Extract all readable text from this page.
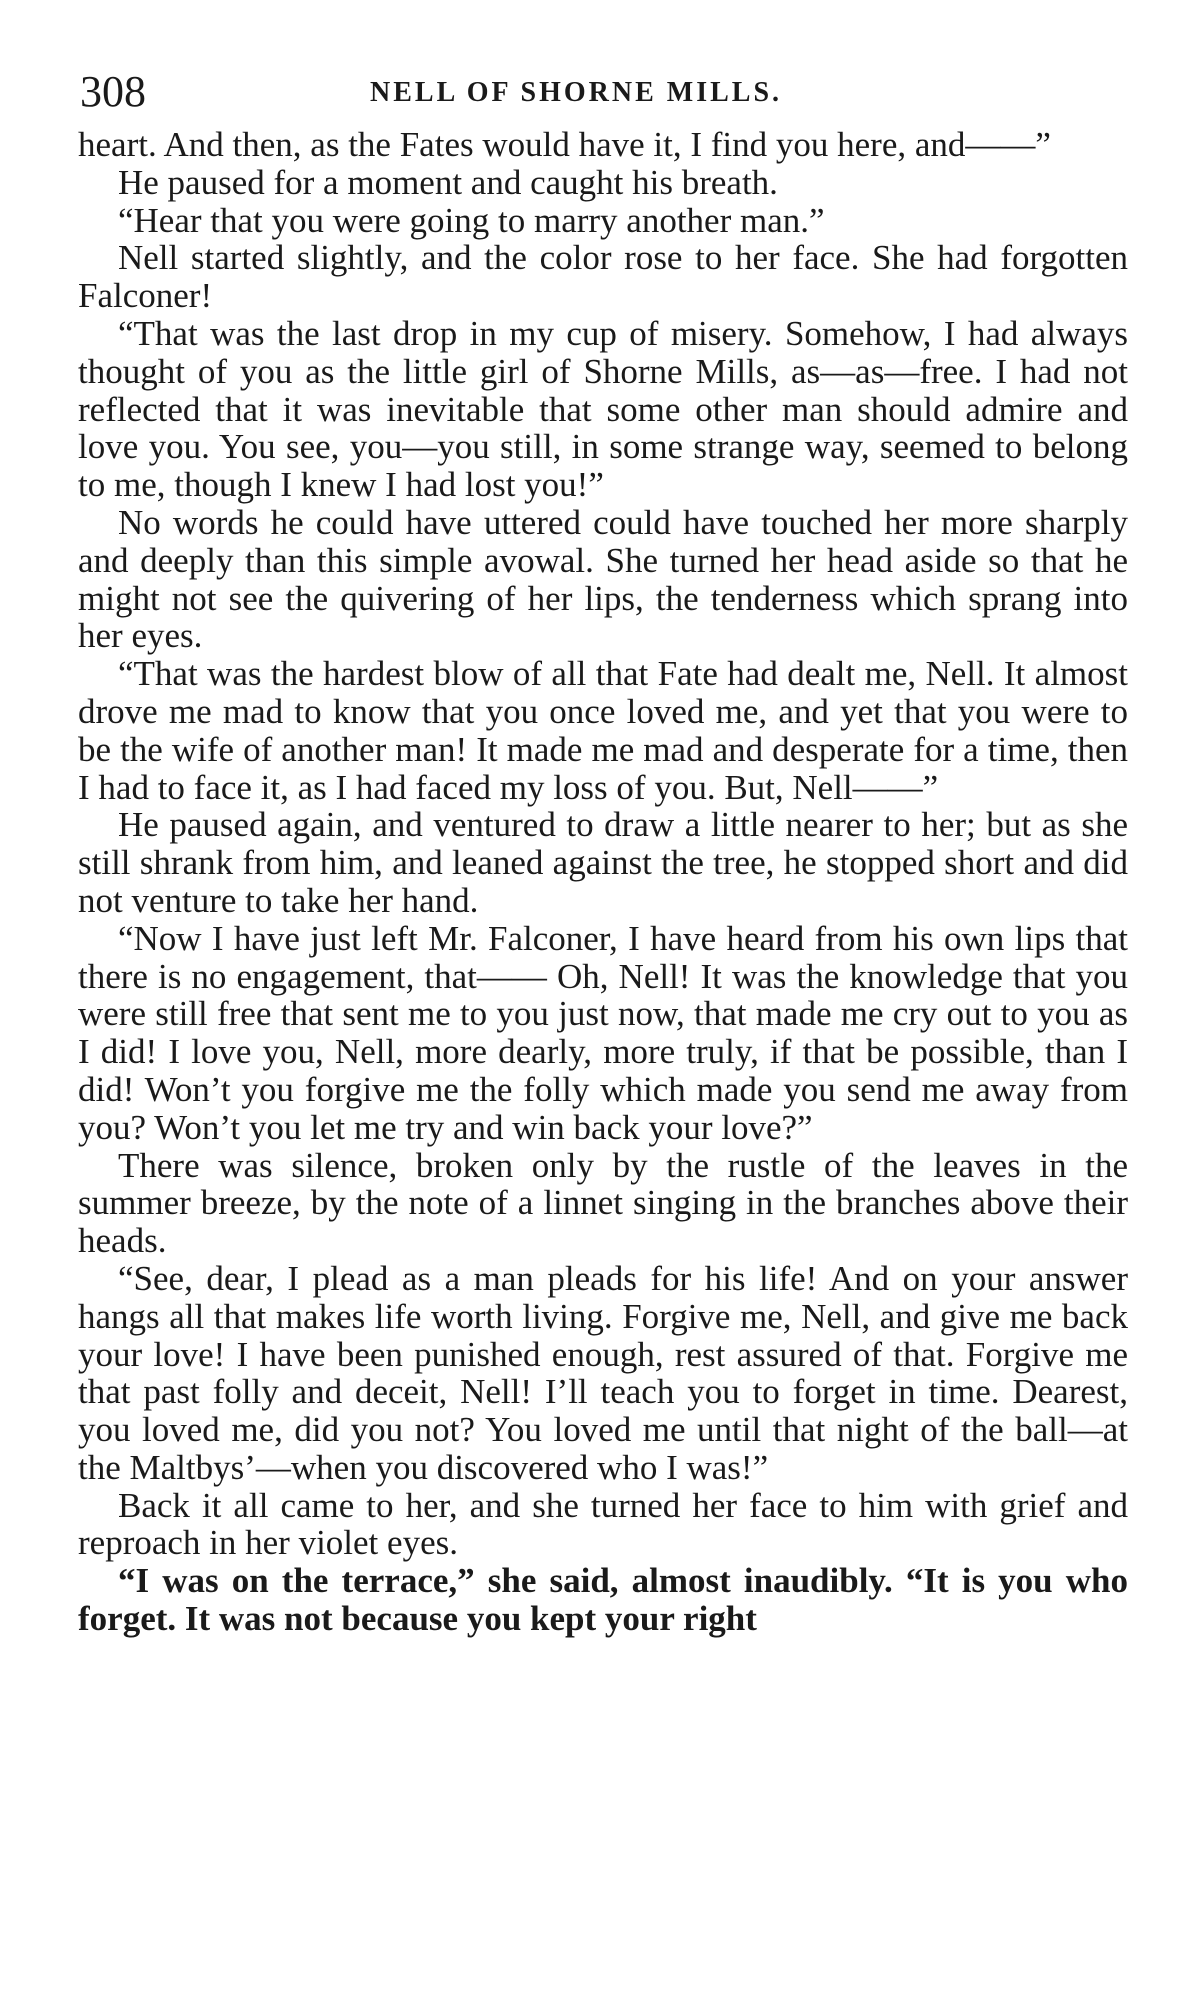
308	NELL OF SHORNE MILLS.

heart. And then, as the Fates would have it, I find you here, and——”

He paused for a moment and caught his breath.

“Hear that you were going to marry another man.”

Nell started slightly, and the color rose to her face. She had forgotten Falconer!

“That was the last drop in my cup of misery. Somehow, I had always thought of you as the little girl of Shorne Mills, as—as—free. I had not reflected that it was inevitable that some other man should admire and love you. You see, you—you still, in some strange way, seemed to belong to me, though I knew I had lost you!”

No words he could have uttered could have touched her more sharply and deeply than this simple avowal. She turned her head aside so that he might not see the quivering of her lips, the tenderness which sprang into her eyes.

“That was the hardest blow of all that Fate had dealt me, Nell. It almost drove me mad to know that you once loved me, and yet that you were to be the wife of another man! It made me mad and desperate for a time, then I had to face it, as I had faced my loss of you. But, Nell——”

He paused again, and ventured to draw a little nearer to her; but as she still shrank from him, and leaned against the tree, he stopped short and did not venture to take her hand.

“Now I have just left Mr. Falconer, I have heard from his own lips that there is no engagement, that—— Oh, Nell! It was the knowledge that you were still free that sent me to you just now, that made me cry out to you as I did! I love you, Nell, more dearly, more truly, if that be possible, than I did! Won’t you forgive me the folly which made you send me away from you? Won’t you let me try and win back your love?”

There was silence, broken only by the rustle of the leaves in the summer breeze, by the note of a linnet singing in the branches above their heads.

“See, dear, I plead as a man pleads for his life! And on your answer hangs all that makes life worth living. Forgive me, Nell, and give me back your love! I have been punished enough, rest assured of that. Forgive me that past folly and deceit, Nell! I’ll teach you to forget in time. Dearest, you loved me, did you not? You loved me until that night of the ball—at the Maltbys’—when you discovered who I was!”

Back it all came to her, and she turned her face to him with grief and reproach in her violet eyes.

“I was on the terrace,” she said, almost inaudibly. “It is you who forget. It was not because you kept your right
